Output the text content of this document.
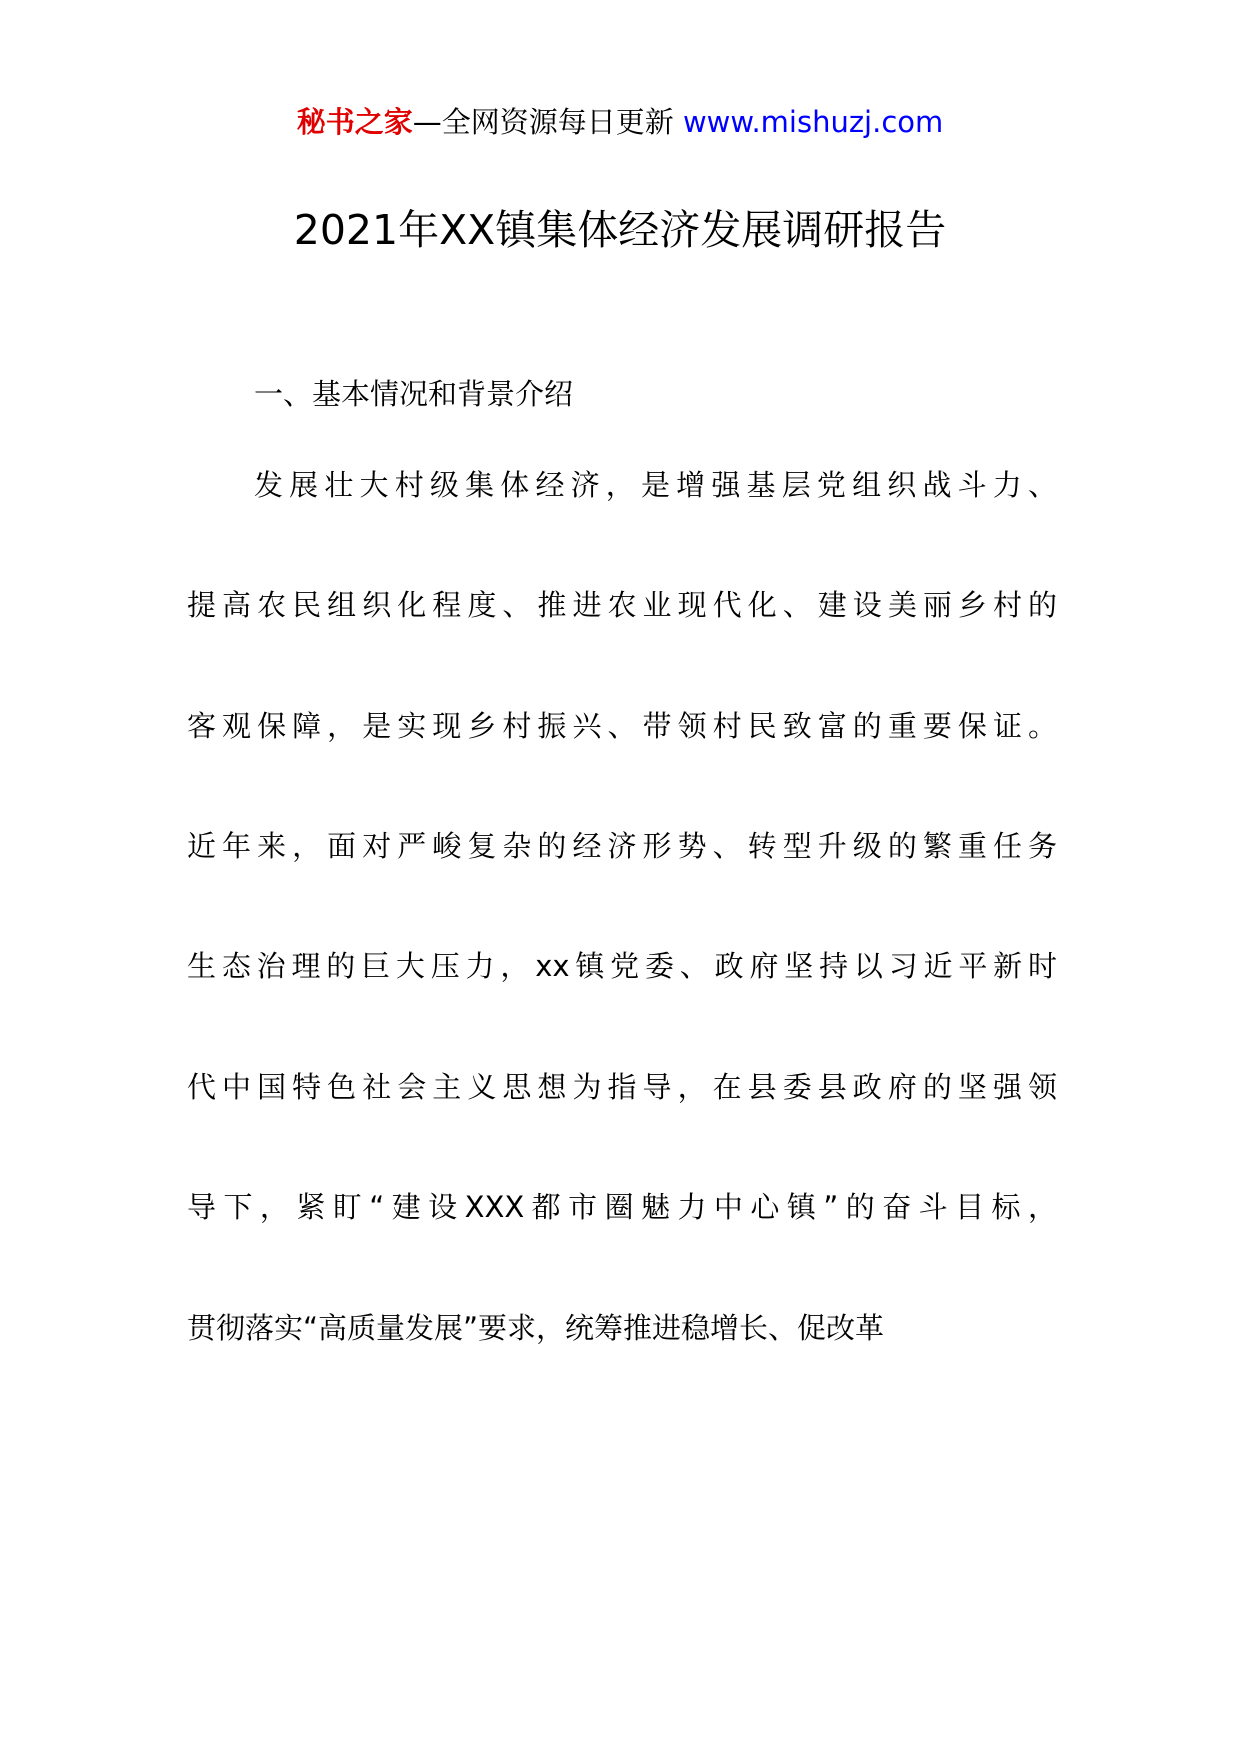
秘书之家—全网资源每日更新 www.mishuzj.com
2021年XX镇集体经济发展调研报告
一、基本情况和背景介绍
发展壮大村级集体经济，是增强基层党组织战斗力、
提高农民组织化程度、推进农业现代化、建设美丽乡村的
客观保障，是实现乡村振兴、带领村民致富的重要保证。
近年来，面对严峻复杂的经济形势、转型升级的繁重任务
生态治理的巨大压力，xx镇党委、政府坚持以习近平新时
代中国特色社会主义思想为指导，在县委县政府的坚强领
导下，紧盯“建设XXX都市圈魅力中心镇”的奋斗目标，
贯彻落实“高质量发展”要求，统筹推进稳增长、促改革
